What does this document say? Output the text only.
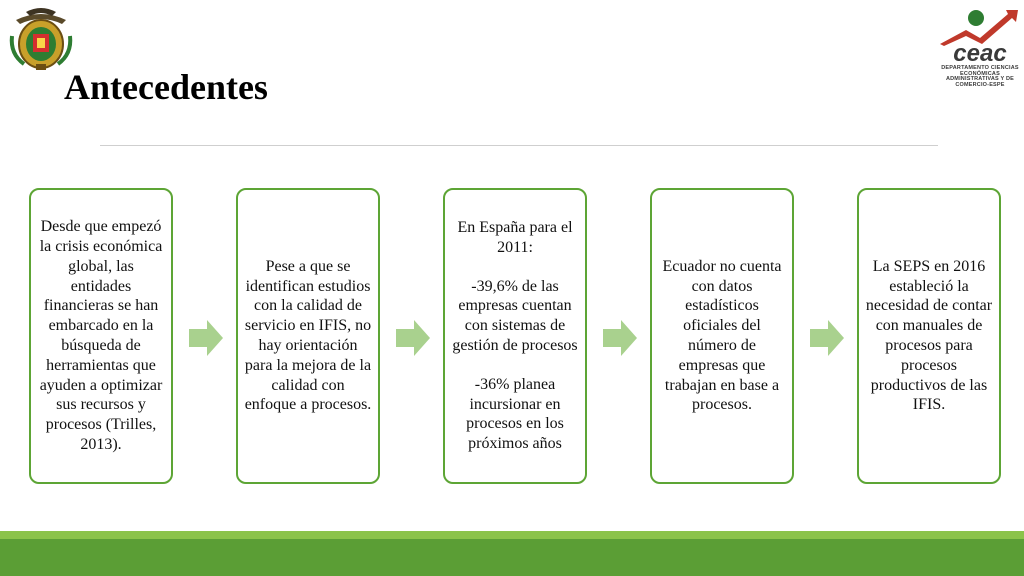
ceac
DEPARTAMENTO CIENCIAS ECONÓMICAS ADMINISTRATIVAS Y DE COMERCIO-ESPE
Antecedentes

Desde que empezó la crisis económica global, las entidades financieras se han embarcado en la búsqueda de herramientas que ayuden a optimizar sus recursos y procesos (Trilles, 2013).

Pese a que se identifican estudios con la calidad de servicio en IFIS, no hay orientación para la mejora de la calidad con enfoque a procesos.

En España para el 2011:

-39,6% de las empresas cuentan con sistemas de gestión de procesos

-36% planea incursionar en procesos en los próximos años

Ecuador no cuenta con datos estadísticos oficiales del número de empresas que trabajan en base a procesos.

La SEPS en 2016 estableció la necesidad de contar con manuales de procesos para procesos productivos de las IFIS.
